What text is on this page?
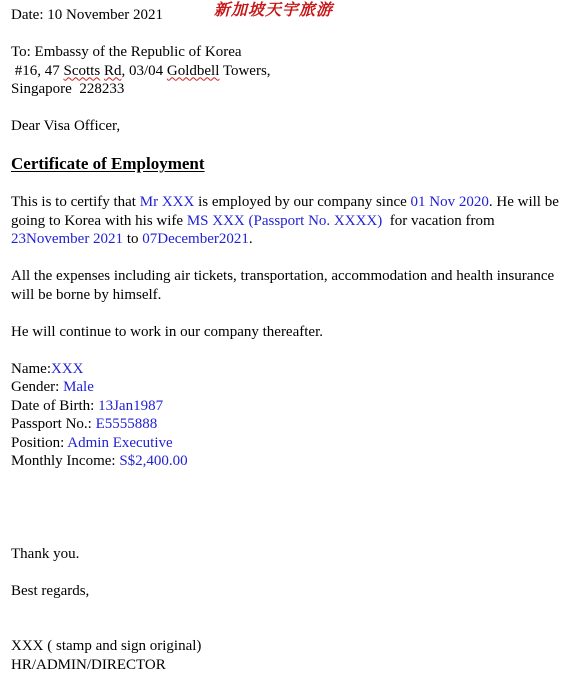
Date: 10 November 2021	新加坡天宇旅游
To: Embassy of the Republic of Korea
#16, 47 Scotts Rd, 03/04 Goldbell Towers,
Singapore  228233
Dear Visa Officer,
Certificate of Employment

This is to certify that Mr XXX is employed by our company since 01 Nov 2020. He will be going to Korea with his wife MS XXX (Passport No. XXXX)  for vacation from 23November 2021 to 07December2021.

All the expenses including air tickets, transportation, accommodation and health insurance will be borne by himself.

He will continue to work in our company thereafter.

Name:XXX
Gender: Male
Date of Birth: 13Jan1987
Passport No.: E5555888
Position: Admin Executive
Monthly Income: S$2,400.00
Thank you.
Best regards,
XXX ( stamp and sign original)
HR/ADMIN/DIRECTOR
